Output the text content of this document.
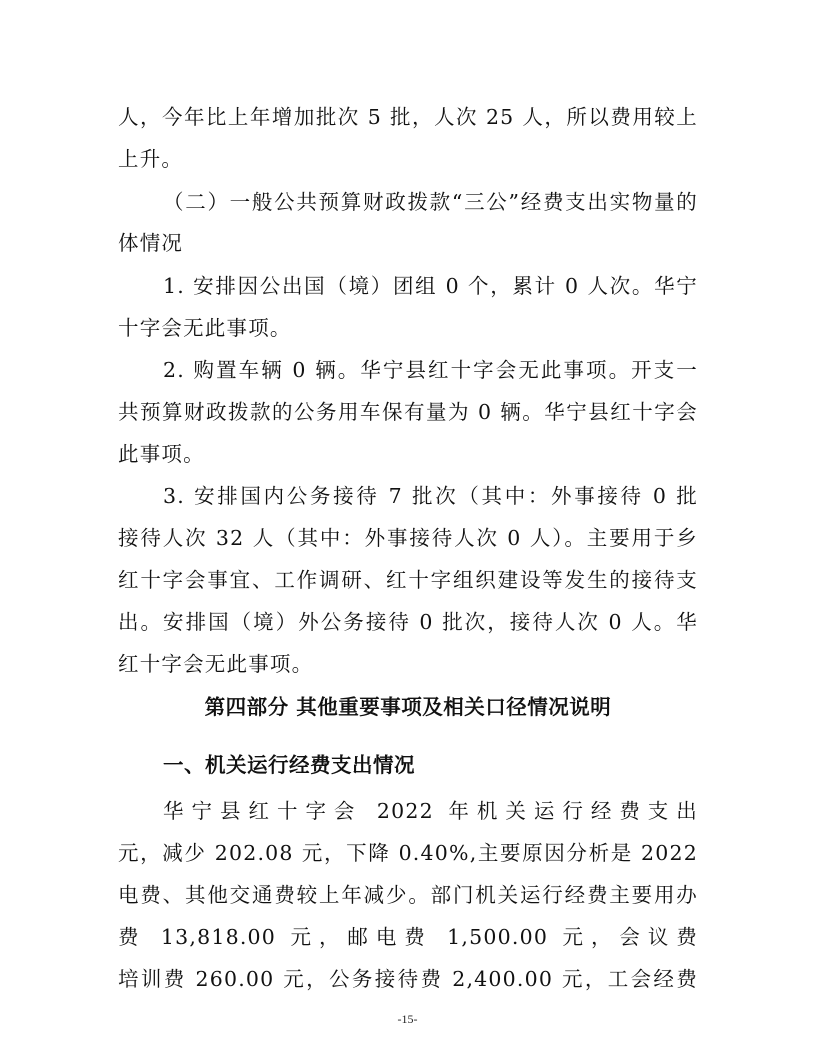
人，今年比上年增加批次 5 批，人次 25 人，所以费用较上
上升。
（二）一般公共预算财政拨款“三公”经费支出实物量的
体情况
1. 安排因公出国（境）团组 0 个，累计 0 人次。华宁
十字会无此事项。
2. 购置车辆 0 辆。华宁县红十字会无此事项。开支一
共预算财政拨款的公务用车保有量为 0 辆。华宁县红十字会
此事项。
3. 安排国内公务接待 7 批次（其中：外事接待 0 批
接待人次 32 人（其中：外事接待人次 0 人）。主要用于乡
红十字会事宜、工作调研、红十字组织建设等发生的接待支
出。安排国（境）外公务接待 0 批次，接待人次 0 人。华
红十字会无此事项。
第四部分 其他重要事项及相关口径情况说明
一、机关运行经费支出情况
华宁县红十字会 2022 年机关运行经费支出
元，减少 202.08 元，下降 0.40%,主要原因分析是 2022
电费、其他交通费较上年减少。部门机关运行经费主要用办
费 13,818.00 元，邮电费 1,500.00 元，会议费
培训费 260.00 元，公务接待费 2,400.00 元，工会经费
-15-
